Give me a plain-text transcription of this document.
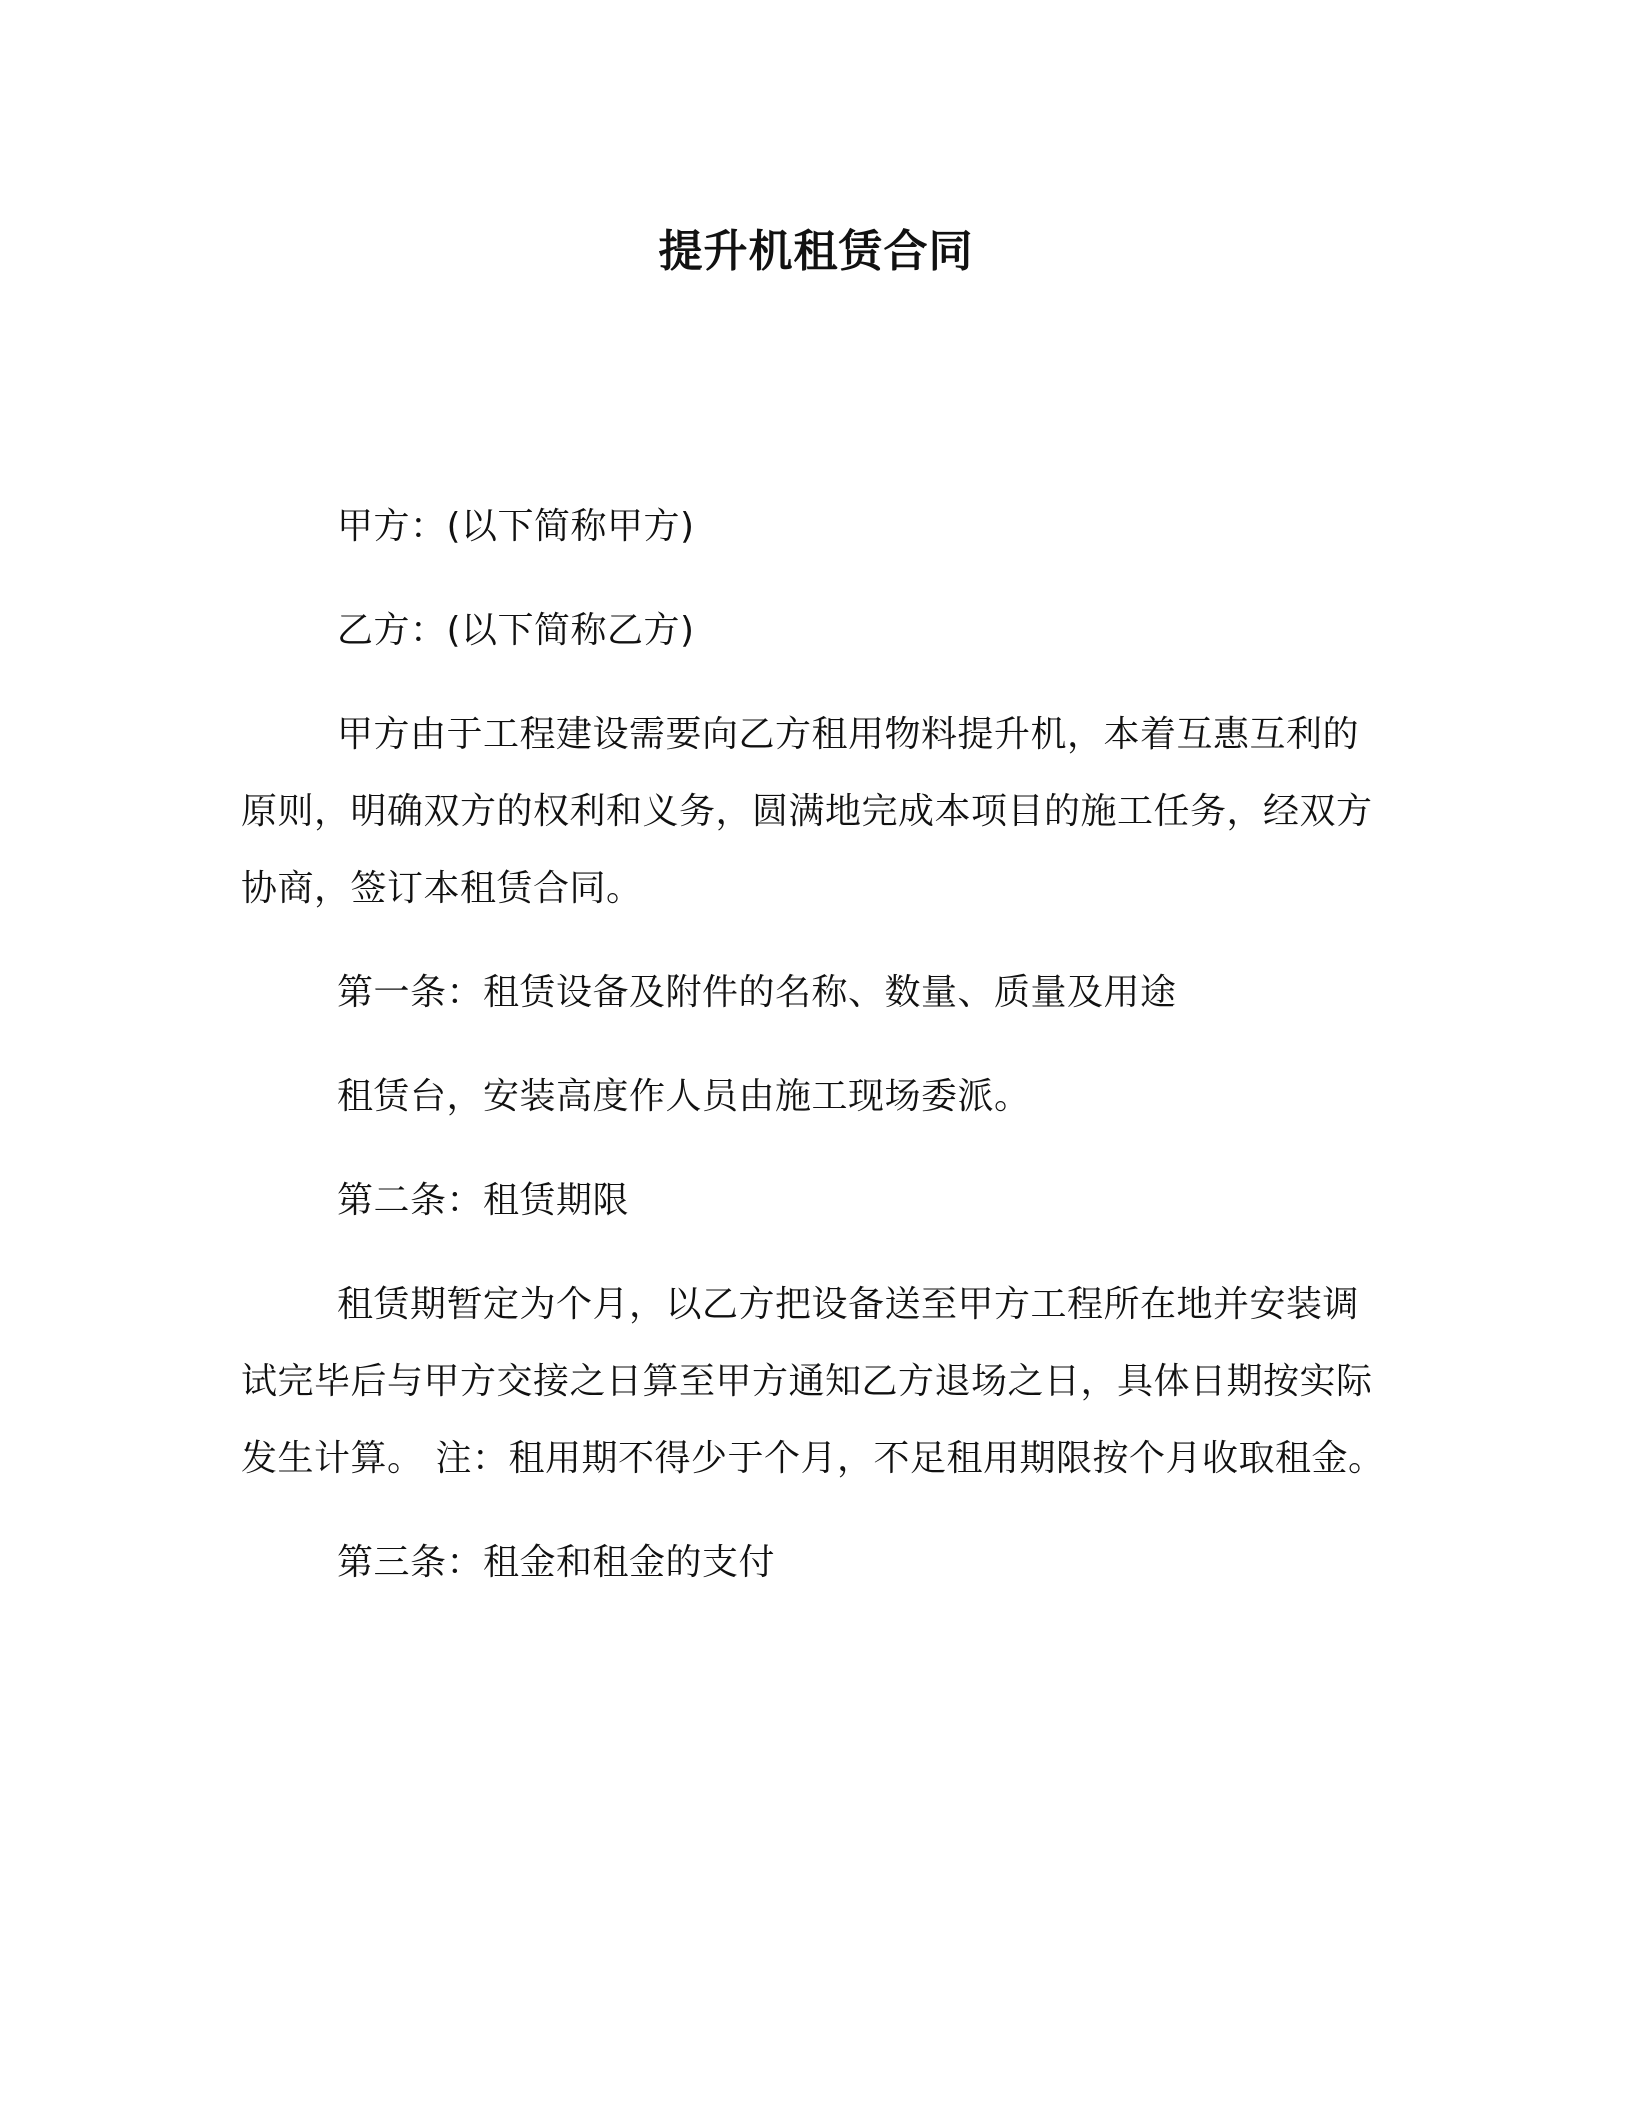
提升机租赁合同

甲方：(以下简称甲方)

乙方：(以下简称乙方)

甲方由于工程建设需要向乙方租用物料提升机，本着互惠互利的原则，明确双方的权利和义务，圆满地完成本项目的施工任务，经双方协商，签订本租赁合同。

第一条：租赁设备及附件的名称、数量、质量及用途

租赁台，安装高度作人员由施工现场委派。

第二条：租赁期限

租赁期暂定为个月，以乙方把设备送至甲方工程所在地并安装调试完毕后与甲方交接之日算至甲方通知乙方退场之日，具体日期按实际发生计算。 注：租用期不得少于个月，不足租用期限按个月收取租金。

第三条：租金和租金的支付
